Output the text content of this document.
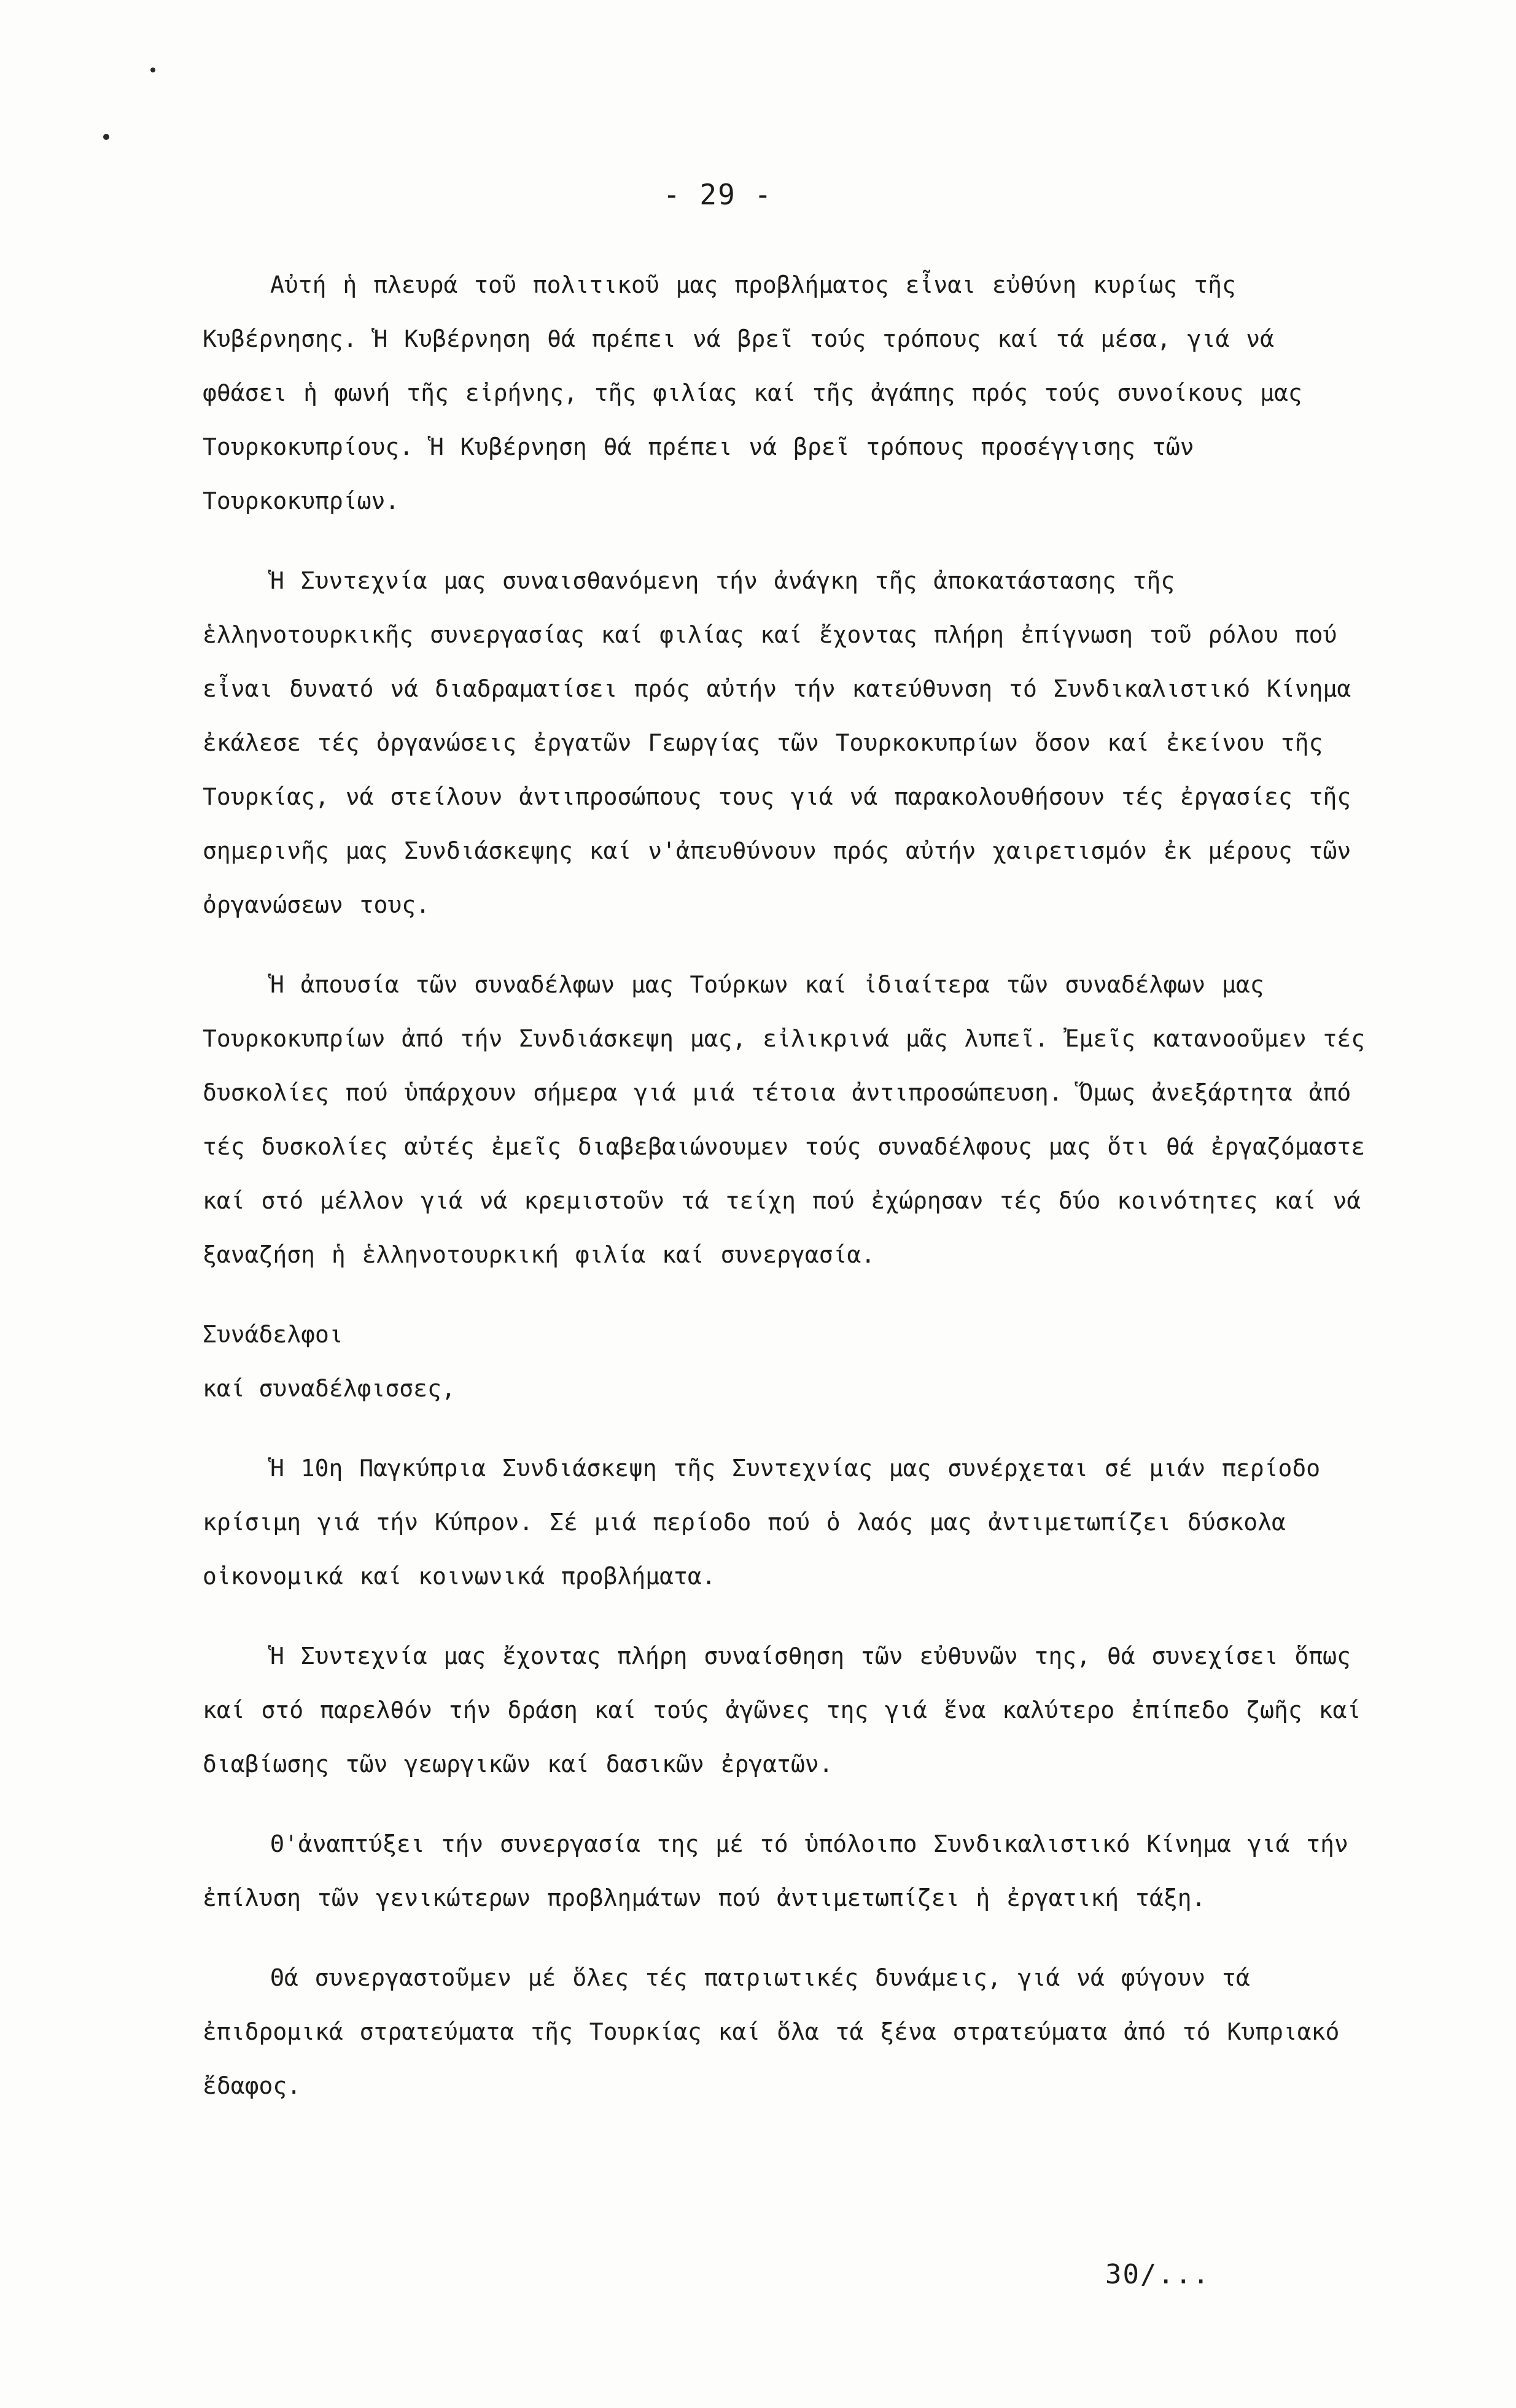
- 29 -

Αὐτή ἡ πλευρά τοῦ πολιτικοῦ μας προβλήματος εἶναι εὐθύνη κυρίως τῆς Κυβέρνησης. Ἡ Κυβέρνηση θά πρέπει νά βρεῖ τούς τρόπους καί τά μέσα, γιά νά φθάσει ἡ φωνή τῆς εἰρήνης, τῆς φιλίας καί τῆς ἀγάπης πρός τούς συνοίκους μας Τουρκοκυπρίους. Ἡ Κυβέρνηση θά πρέπει νά βρεῖ τρόπους προσέγγισης τῶν Τουρκοκυπρίων.

Ἡ Συντεχνία μας συναισθανόμενη τήν ἀνάγκη τῆς ἀποκατάστασης τῆς ἑλληνοτουρκικῆς συνεργασίας καί φιλίας καί ἔχοντας πλήρη ἐπίγνωση τοῦ ρόλου πού εἶναι δυνατό νά διαδραματίσει πρός αὐτήν τήν κατεύθυνση τό Συνδικαλιστικό Κίνημα ἐκάλεσε τές ὀργανώσεις ἐργατῶν Γεωργίας τῶν Τουρκοκυπρίων ὅσον καί ἐκείνου τῆς Τουρκίας, νά στείλουν ἀντιπροσώπους τους γιά νά παρακολουθήσουν τές ἐργασίες τῆς σημερινῆς μας Συνδιάσκεψης καί ν'ἀπευθύνουν πρός αὐτήν χαιρετισμόν ἐκ μέρους τῶν ὀργανώσεων τους.

Ἡ ἀπουσία τῶν συναδέλφων μας Τούρκων καί ἰδιαίτερα τῶν συναδέλφων μας Τουρκοκυπρίων ἀπό τήν Συνδιάσκεψη μας, εἰλικρινά μᾶς λυπεῖ. Ἐμεῖς κατανοοῦμεν τές δυσκολίες πού ὑπάρχουν σήμερα γιά μιά τέτοια ἀντιπροσώπευση. Ὅμως ἀνεξάρτητα ἀπό τές δυσκολίες αὐτές ἐμεῖς διαβεβαιώνουμεν τούς συναδέλφους μας ὅτι θά ἐργαζόμαστε καί στό μέλλον γιά νά κρεμιστοῦν τά τείχη πού ἐχώρησαν τές δύο κοινότητες καί νά ξαναζήση ἡ ἑλληνοτουρκική φιλία καί συνεργασία.

Συνάδελφοι
καί συναδέλφισσες,

Ἡ 10η Παγκύπρια Συνδιάσκεψη τῆς Συντεχνίας μας συνέρχεται σέ μιάν περίοδο κρίσιμη γιά τήν Κύπρον. Σέ μιά περίοδο πού ὁ λαός μας ἀντιμετωπίζει δύσκολα οἰκονομικά καί κοινωνικά προβλήματα.

Ἡ Συντεχνία μας ἔχοντας πλήρη συναίσθηση τῶν εὐθυνῶν της, θά συνεχίσει ὅπως καί στό παρελθόν τήν δράση καί τούς ἀγῶνες της γιά ἕνα καλύτερο ἐπίπεδο ζωῆς καί διαβίωσης τῶν γεωργικῶν καί δασικῶν ἐργατῶν.

Θ'ἀναπτύξει τήν συνεργασία της μέ τό ὑπόλοιπο Συνδικαλιστικό Κίνημα γιά τήν ἐπίλυση τῶν γενικώτερων προβλημάτων πού ἀντιμετωπίζει ἡ ἐργατική τάξη.

Θά συνεργαστοῦμεν μέ ὅλες τές πατριωτικές δυνάμεις, γιά νά φύγουν τά ἐπιδρομικά στρατεύματα τῆς Τουρκίας καί ὅλα τά ξένα στρατεύματα ἀπό τό Κυπριακό ἔδαφος.

30/...
